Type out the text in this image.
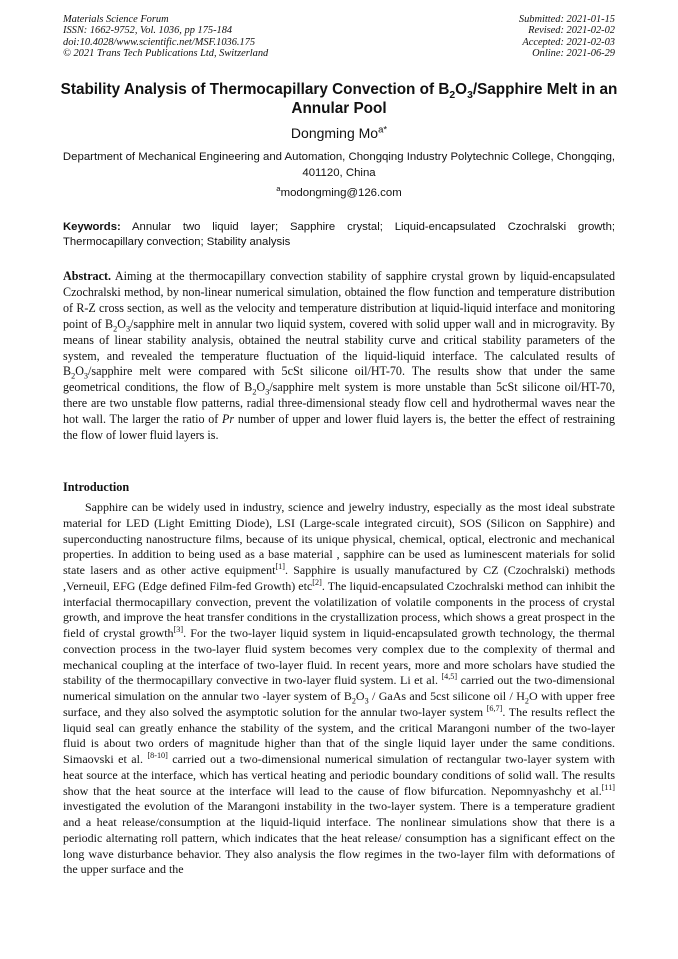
Materials Science Forum
ISSN: 1662-9752, Vol. 1036, pp 175-184
doi:10.4028/www.scientific.net/MSF.1036.175
© 2021 Trans Tech Publications Ltd, Switzerland
Submitted: 2021-01-15
Revised: 2021-02-02
Accepted: 2021-02-03
Online: 2021-06-29
Stability Analysis of Thermocapillary Convection of $B_2O_3$/Sapphire Melt in an Annular Pool
Dongming $Mo^{a*}$
Department of Mechanical Engineering and Automation, Chongqing Industry Polytechnic College, Chongqing, 401120, China
$^a$modongming@126.com
Keywords: Annular two liquid layer; Sapphire crystal; Liquid-encapsulated Czochralski growth; Thermocapillary convection; Stability analysis
Abstract. Aiming at the thermocapillary convection stability of sapphire crystal grown by liquid-encapsulated Czochralski method, by non-linear numerical simulation, obtained the flow function and temperature distribution of R-Z cross section, as well as the velocity and temperature distribution at liquid-liquid interface and monitoring point of $B_2O_3$/sapphire melt in annular two liquid system, covered with solid upper wall and in microgravity. By means of linear stability analysis, obtained the neutral stability curve and critical stability parameters of the system, and revealed the temperature fluctuation of the liquid-liquid interface. The calculated results of $B_2O_3$/sapphire melt were compared with 5cSt silicone oil/HT-70. The results show that under the same geometrical conditions, the flow of $B_2O_3$/sapphire melt system is more unstable than 5cSt silicone oil/HT-70, there are two unstable flow patterns, radial three-dimensional steady flow cell and hydrothermal waves near the hot wall. The larger the ratio of Pr number of upper and lower fluid layers is, the better the effect of restraining the flow of lower fluid layers is.
Introduction

Sapphire can be widely used in industry, science and jewelry industry, especially as the most ideal substrate material for LED (Light Emitting Diode), LSI (Large-scale integrated circuit), SOS (Silicon on Sapphire) and superconducting nanostructure films, because of its unique physical, chemical, optical, electronic and mechanical properties. In addition to being used as a base material , sapphire can be used as luminescent materials for solid state lasers and as other active equipment[1]. Sapphire is usually manufactured by CZ (Czochralski) methods ,Verneuil, EFG (Edge defined Film-fed Growth) etc[2]. The liquid-encapsulated Czochralski method can inhibit the interfacial thermocapillary convection, prevent the volatilization of volatile components in the process of crystal growth, and improve the heat transfer conditions in the crystallization process, which shows a great prospect in the field of crystal growth[3]. For the two-layer liquid system in liquid-encapsulated growth technology, the thermal convection process in the two-layer fluid system becomes very complex due to the complexity of thermal and mechanical coupling at the interface of two-layer fluid. In recent years, more and more scholars have studied the stability of the thermocapillary convective in two-layer fluid system. Li et al. [4,5] carried out the two-dimensional numerical simulation on the annular two -layer system of $B_2O_3$ / GaAs and 5cst silicone oil / $H_2O$ with upper free surface, and they also solved the asymptotic solution for the annular two-layer system [6,7]. The results reflect the liquid seal can greatly enhance the stability of the system, and the critical Marangoni number of the two-layer fluid is about two orders of magnitude higher than that of the single liquid layer under the same conditions. Simaovski et al. [8-10] carried out a two-dimensional numerical simulation of rectangular two-layer system with heat source at the interface, which has vertical heating and periodic boundary conditions of solid wall. The results show that the heat source at the interface will lead to the cause of flow bifurcation. Nepomnyashchy et al.[11] investigated the evolution of the Marangoni instability in the two-layer system. There is a temperature gradient and a heat release/consumption at the liquid-liquid interface. The nonlinear simulations show that there is a periodic alternating roll pattern, which indicates that the heat release/ consumption has a significant effect on the long wave disturbance behavior. They also analysis the flow regimes in the two-layer film with deformations of the upper surface and the
